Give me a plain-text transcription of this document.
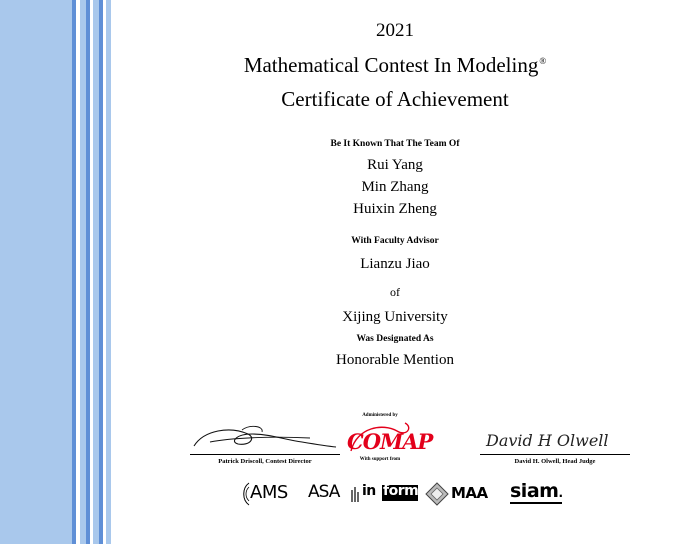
2021
Mathematical Contest In Modeling®
Certificate of Achievement
Be It Known That The Team Of
Rui Yang
Min Zhang
Huixin Zheng
With Faculty Advisor
Lianzu Jiao
of
Xijing University
Was Designated As
Honorable Mention
Patrick Driscoll, Contest Director
Administered by
COMAP
With support from
David H Olwell
David H. Olwell, Head Judge
AMS ASA in forms MAA siam.
